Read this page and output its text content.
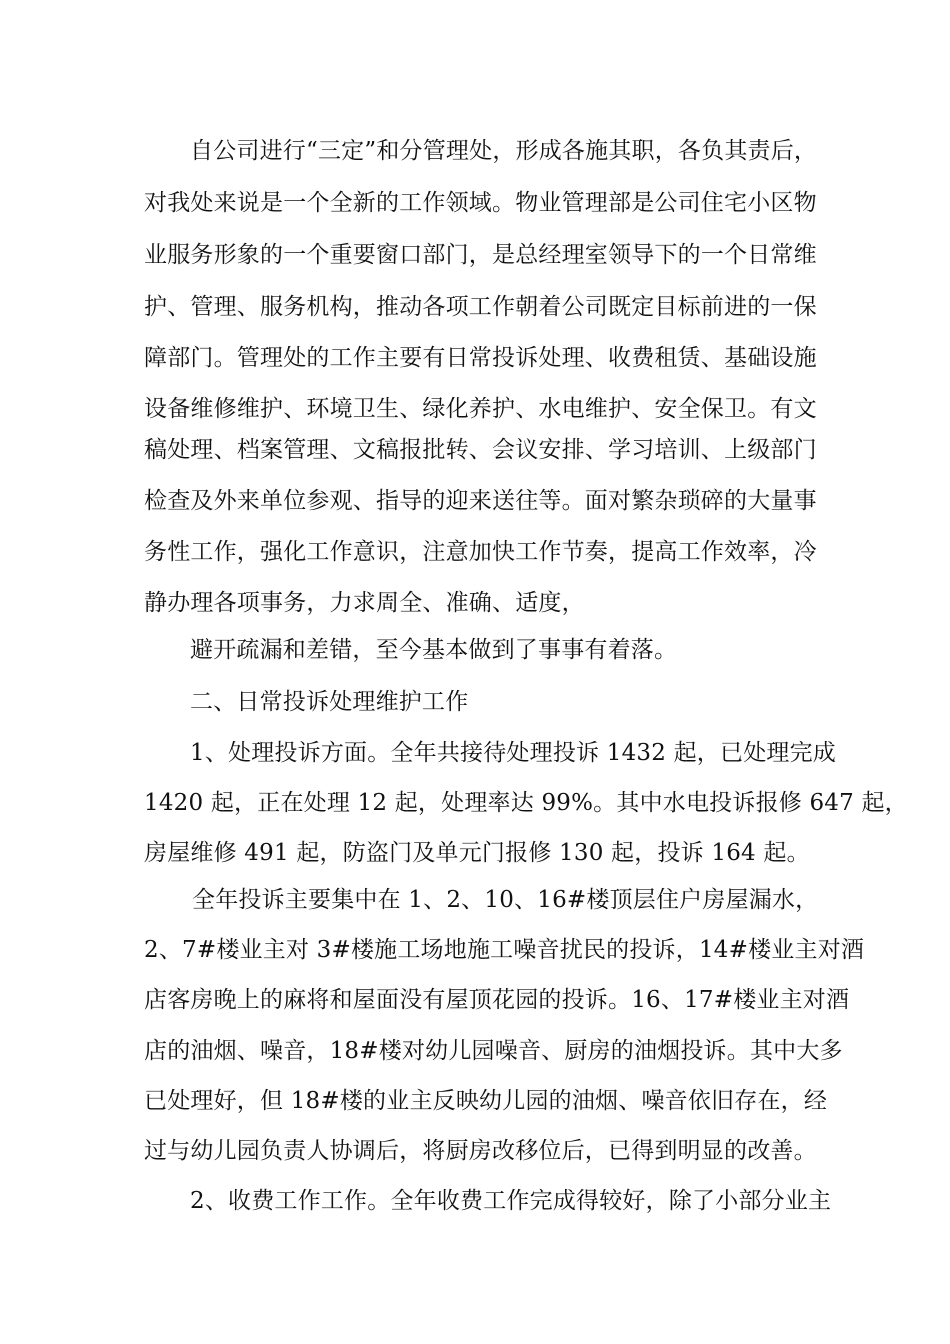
自公司进行“三定”和分管理处，形成各施其职，各负其责后，
对我处来说是一个全新的工作领域。物业管理部是公司住宅小区物
业服务形象的一个重要窗口部门，是总经理室领导下的一个日常维
护、管理、服务机构，推动各项工作朝着公司既定目标前进的一保
障部门。管理处的工作主要有日常投诉处理、收费租赁、基础设施
设备维修维护、环境卫生、绿化养护、水电维护、安全保卫。有文
稿处理、档案管理、文稿报批转、会议安排、学习培训、上级部门
检查及外来单位参观、指导的迎来送往等。面对繁杂琐碎的大量事
务性工作，强化工作意识，注意加快工作节奏，提高工作效率，冷
静办理各项事务，力求周全、准确、适度，
避开疏漏和差错，至今基本做到了事事有着落。
二、日常投诉处理维护工作
1、处理投诉方面。全年共接待处理投诉 1432 起，已处理完成
1420 起，正在处理 12 起，处理率达 99%。其中水电投诉报修 647 起，
房屋维修 491 起，防盗门及单元门报修 130 起，投诉 164 起。
全年投诉主要集中在 1、2、10、16#楼顶层住户房屋漏水，
2、7#楼业主对 3#楼施工场地施工噪音扰民的投诉，14#楼业主对酒
店客房晚上的麻将和屋面没有屋顶花园的投诉。16、17#楼业主对酒
店的油烟、噪音，18#楼对幼儿园噪音、厨房的油烟投诉。其中大多
已处理好，但 18#楼的业主反映幼儿园的油烟、噪音依旧存在，经
过与幼儿园负责人协调后，将厨房改移位后，已得到明显的改善。
2、收费工作工作。全年收费工作完成得较好，除了小部分业主
